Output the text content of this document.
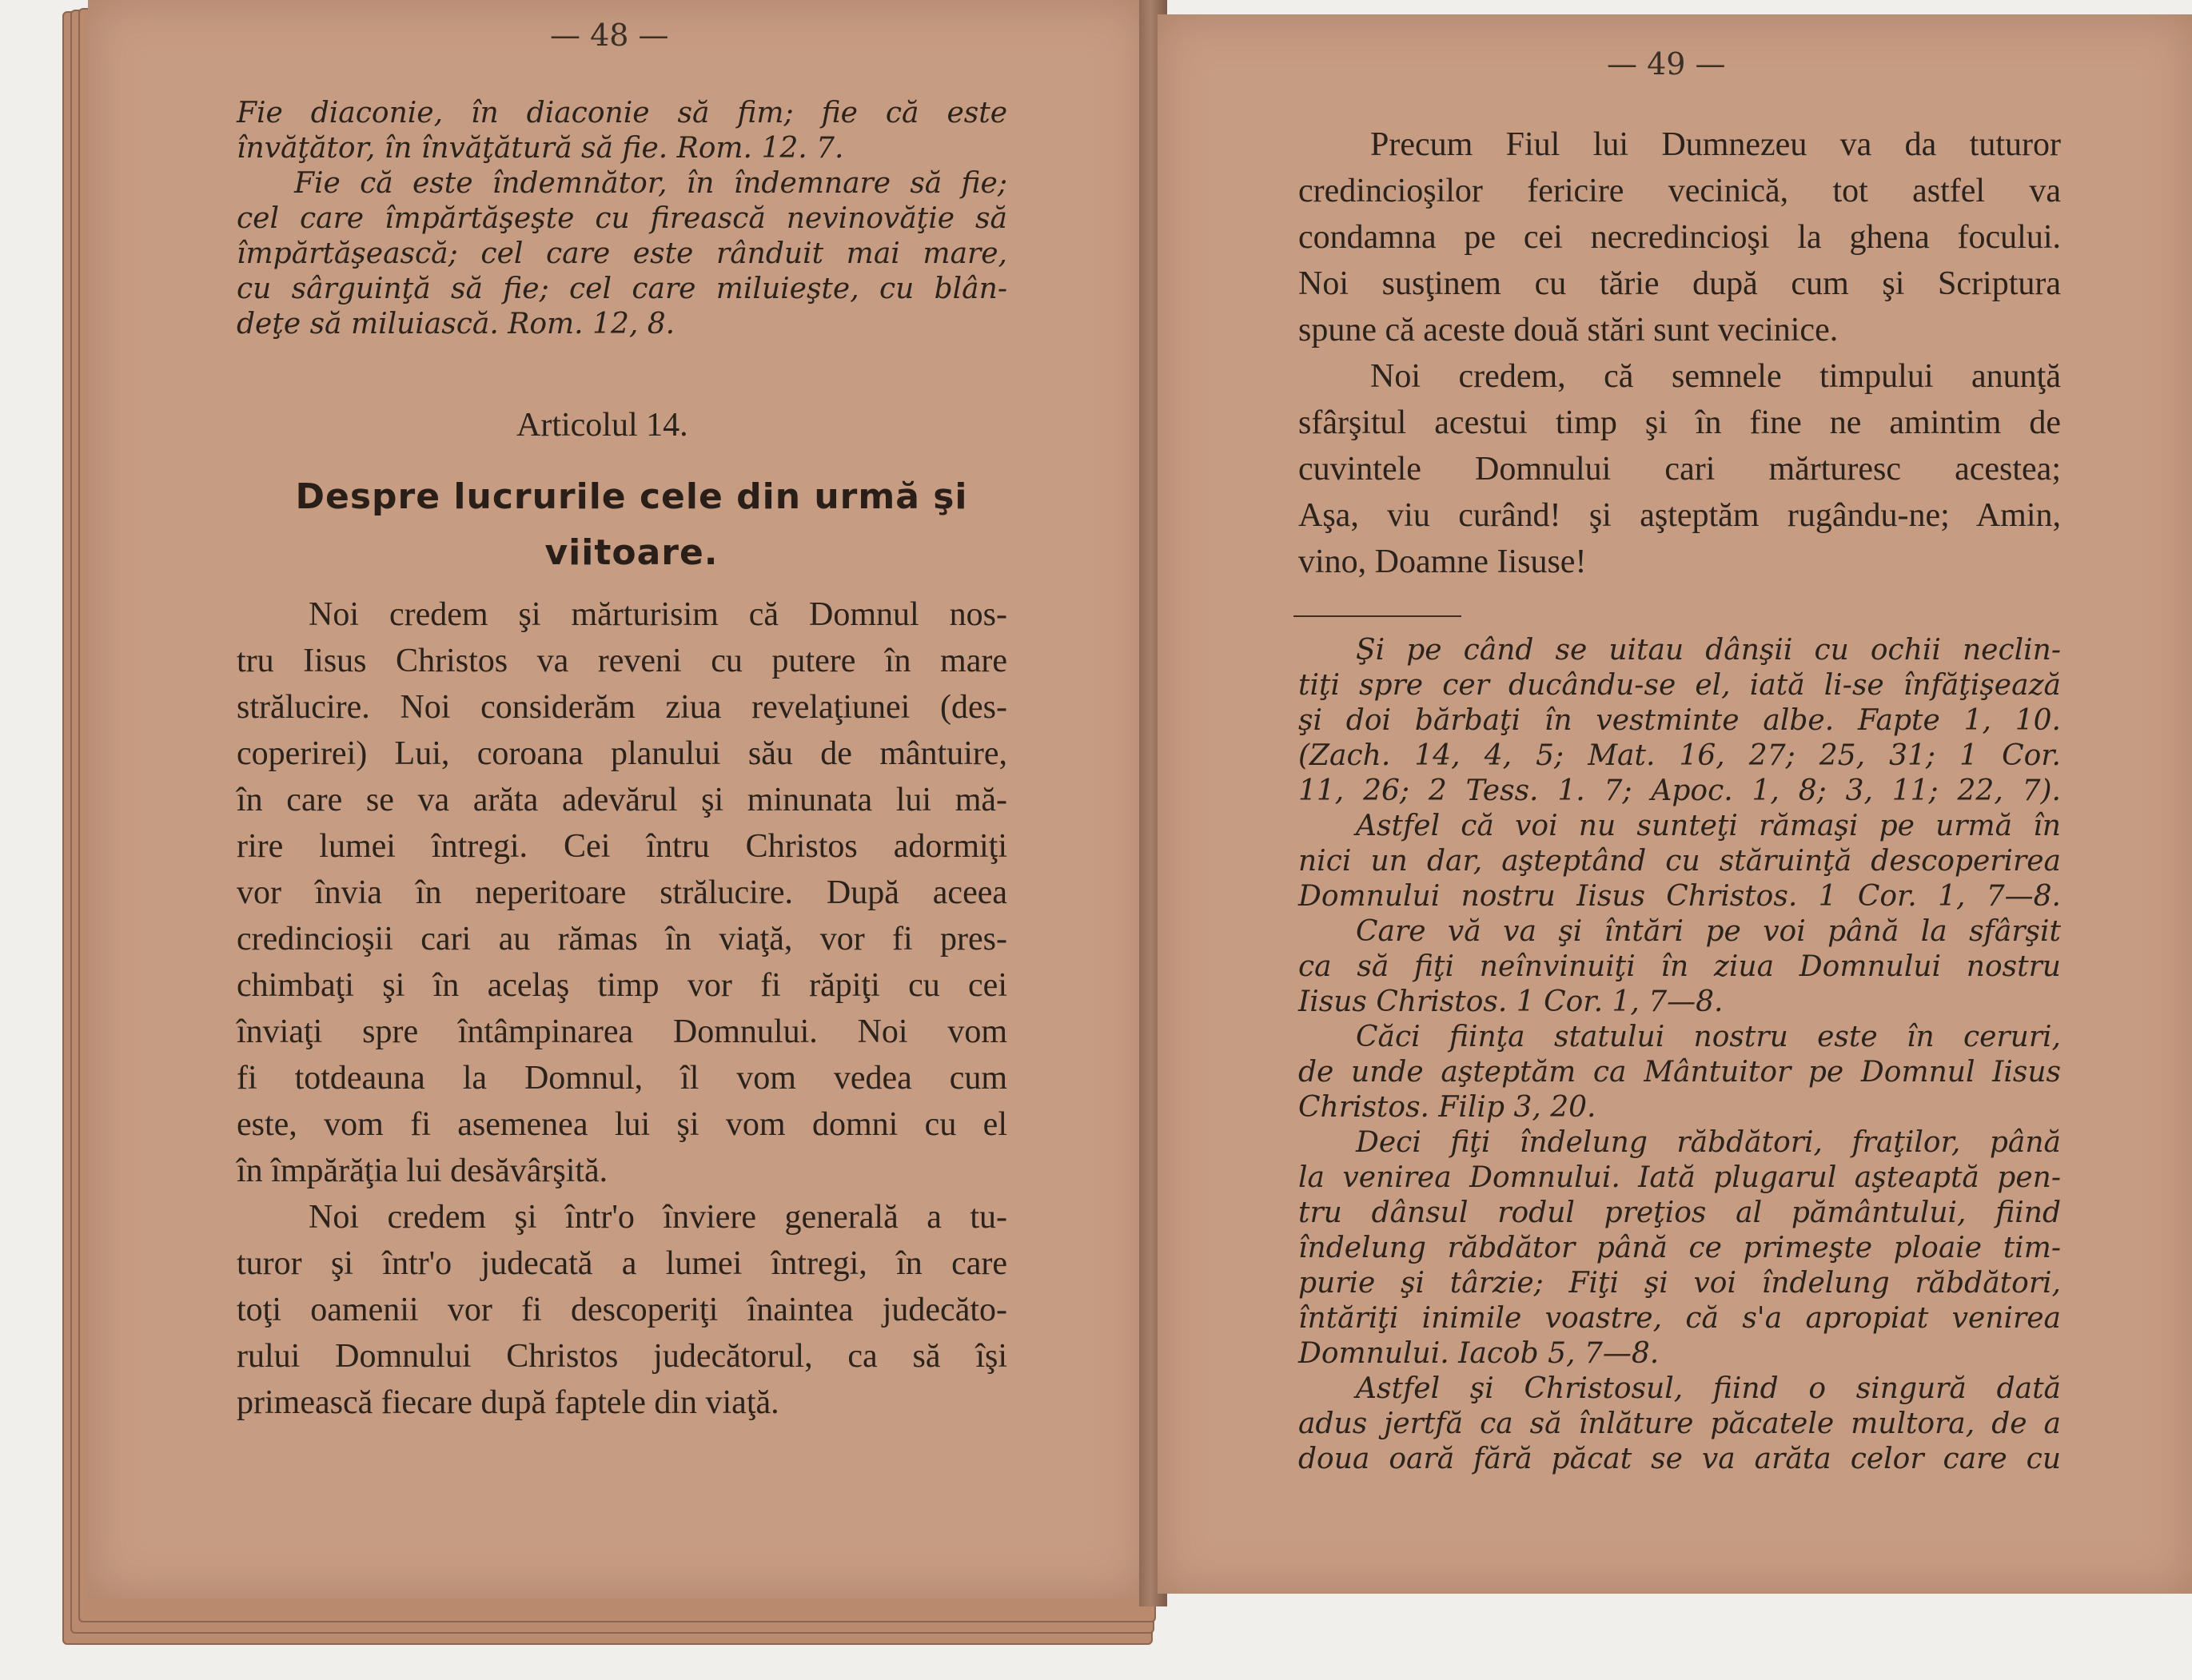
— 48 —
Fie diaconie, în diaconie să fim; fie că este
învăţător, în învăţătură să fie. Rom. 12. 7.
Fie că este îndemnător, în îndemnare să fie;
cel care împărtăşeşte cu firească nevinovăţie să
împărtăşească; cel care este rânduit mai mare,
cu sârguinţă să fie; cel care miluieşte, cu blân-
deţe să miluiască. Rom. 12, 8.
Articolul 14.
Despre lucrurile cele din urmă şi
viitoare.
Noi credem şi mărturisim că Domnul nos-
tru Iisus Christos va reveni cu putere în mare
strălucire. Noi considerăm ziua revelaţiunei (des-
coperirei) Lui, coroana planului său de mântuire,
în care se va arăta adevărul şi minunata lui mă-
rire lumei întregi. Cei întru Christos adormiţi
vor învia în neperitoare strălucire. După aceea
credincioşii cari au rămas în viaţă, vor fi pres-
chimbaţi şi în acelaş timp vor fi răpiţi cu cei
înviaţi spre întâmpinarea Domnului. Noi vom
fi totdeauna la Domnul, îl vom vedea cum
este, vom fi asemenea lui şi vom domni cu el
în împărăţia lui desăvârşită.
Noi credem şi într'o înviere generală a tu-
turor şi într'o judecată a lumei întregi, în care
toţi oamenii vor fi descoperiţi înaintea judecăto-
rului Domnului Christos judecătorul, ca să îşi
primească fiecare după faptele din viaţă.
— 49 —
Precum Fiul lui Dumnezeu va da tuturor
credincioşilor fericire vecinică, tot astfel va
condamna pe cei necredincioşi la ghena focului.
Noi susţinem cu tărie după cum şi Scriptura
spune că aceste două stări sunt vecinice.
Noi credem, că semnele timpului anunţă
sfârşitul acestui timp şi în fine ne amintim de
cuvintele Domnului cari mărturesc acestea;
Aşa, viu curând! şi aşteptăm rugându-ne; Amin,
vino, Doamne Iisuse!
Şi pe când se uitau dânşii cu ochii neclin-
tiţi spre cer ducându-se el, iată li-se înfăţişează
şi doi bărbaţi în vestminte albe. Fapte 1, 10.
(Zach. 14, 4, 5; Mat. 16, 27; 25, 31; 1 Cor.
11, 26; 2 Tess. 1. 7; Apoc. 1, 8; 3, 11; 22, 7).
Astfel că voi nu sunteţi rămaşi pe urmă în
nici un dar, aşteptând cu stăruinţă descoperirea
Domnului nostru Iisus Christos. 1 Cor. 1, 7—8.
Care vă va şi întări pe voi până la sfârşit
ca să fiţi neînvinuiţi în ziua Domnului nostru
Iisus Christos. 1 Cor. 1, 7—8.
Căci fiinţa statului nostru este în ceruri,
de unde aşteptăm ca Mântuitor pe Domnul Iisus
Christos. Filip 3, 20.
Deci fiţi îndelung răbdători, fraţilor, până
la venirea Domnului. Iată plugarul aşteaptă pen-
tru dânsul rodul preţios al pământului, fiind
îndelung răbdător până ce primeşte ploaie tim-
purie şi târzie; Fiţi şi voi îndelung răbdători,
întăriţi inimile voastre, că s'a apropiat venirea
Domnului. Iacob 5, 7—8.
Astfel şi Christosul, fiind o singură dată
adus jertfă ca să înlăture păcatele multora, de a
doua oară fără păcat se va arăta celor care cu
